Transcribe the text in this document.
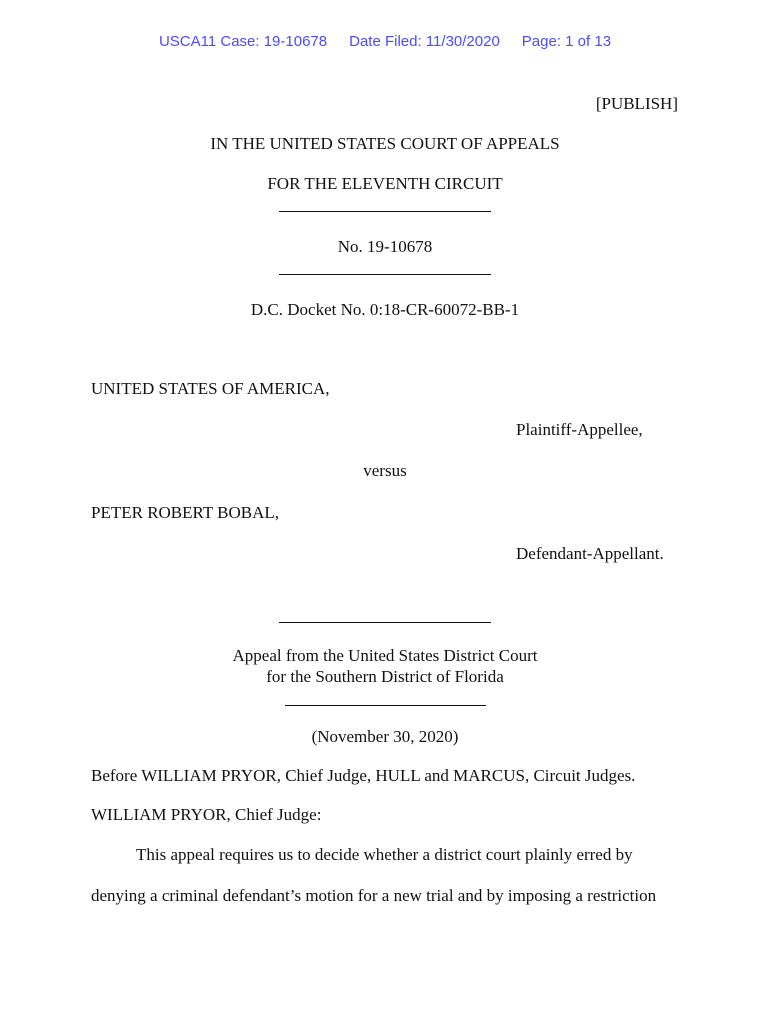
USCA11 Case: 19-10678 Date Filed: 11/30/2020 Page: 1 of 13
[PUBLISH]
IN THE UNITED STATES COURT OF APPEALS
FOR THE ELEVENTH CIRCUIT
No. 19-10678
D.C. Docket No. 0:18-CR-60072-BB-1
UNITED STATES OF AMERICA,
Plaintiff-Appellee,
versus
PETER ROBERT BOBAL,
Defendant-Appellant.
Appeal from the United States District Court
for the Southern District of Florida
(November 30, 2020)
Before WILLIAM PRYOR, Chief Judge, HULL and MARCUS, Circuit Judges.
WILLIAM PRYOR, Chief Judge:
This appeal requires us to decide whether a district court plainly erred by
denying a criminal defendant’s motion for a new trial and by imposing a restriction
